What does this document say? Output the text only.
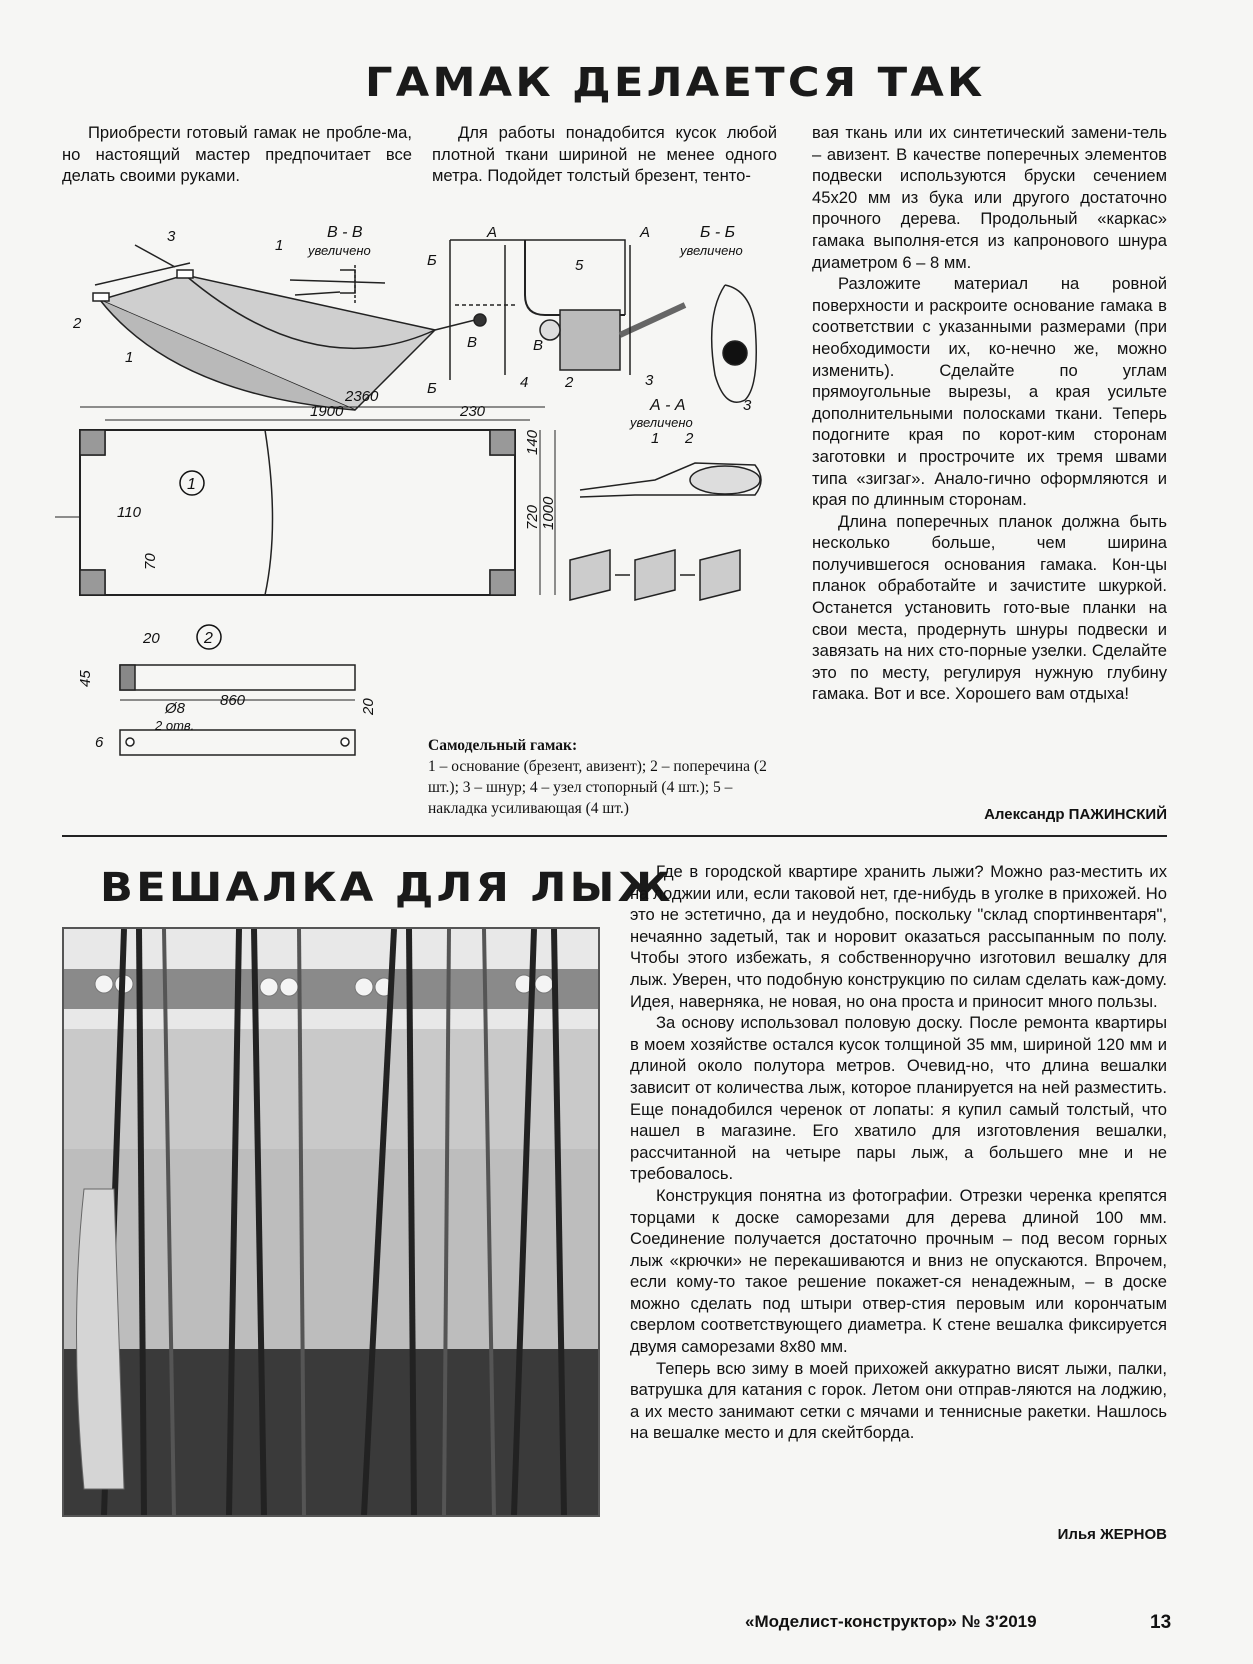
ГАМАК ДЕЛАЕТСЯ ТАК

Приобрести готовый гамак не пробле-ма, но настоящий мастер предпочитает все делать своими руками.

Для работы понадобится кусок любой плотной ткани шириной не менее одного метра. Подойдет толстый брезент, тенто-

вая ткань или их синтетический замени-тель – авизент. В качестве поперечных элементов подвески используются бруски сечением 45х20 мм из бука или другого достаточно прочного дерева. Продольный «каркас» гамака выполня-ется из капронового шнура диаметром 6 – 8 мм.

Разложите материал на ровной поверхности и раскроите основание гамака в соответствии с указанными размерами (при необходимости их, ко-нечно же, можно изменить). Сделайте по углам прямоугольные вырезы, а края усильте дополнительными полосками ткани. Теперь подогните края по корот-ким сторонам заготовки и прострочите их тремя швами типа «зигзаг». Анало-гично оформляются и края по длинным сторонам.

Длина поперечных планок должна быть несколько больше, чем ширина получившегося основания гамака. Кон-цы планок обработайте и зачистите шкуркой. Останется установить гото-вые планки на свои места, продернуть шнуры подвески и завязать на них сто-порные узелки. Сделайте это по месту, регулируя нужную глубину гамака. Вот и все. Хорошего вам отдыха!

Александр ПАЖИНСКИЙ
3
2
1
В - В
увеличено
1
А	А
Б
Б
В	В
5
4 2	3
Б - Б
увеличено
3
А - А
увеличено
1 2
2360
1900	230
140
720 1000
110
70
20
45
860
Ø8	20
6
2 отв.
1
2
Самодельный гамак:
1 – основание (брезент, авизент); 2 – поперечина (2 шт.); 3 – шнур; 4 – узел стопорный (4 шт.); 5 – накладка усиливающая (4 шт.)
ВЕШАЛКА ДЛЯ ЛЫЖ

Где в городской квартире хранить лыжи? Можно раз-местить их на лоджии или, если таковой нет, где-нибудь в уголке в прихожей. Но это не эстетично, да и неудобно, поскольку "склад спортинвентаря", нечаянно задетый, так и норовит оказаться рассыпанным по полу. Чтобы этого избежать, я собственноручно изготовил вешалку для лыж. Уверен, что подобную конструкцию по силам сделать каж-дому. Идея, наверняка, не новая, но она проста и приносит много пользы.

За основу использовал половую доску. После ремонта квартиры в моем хозяйстве остался кусок толщиной 35 мм, шириной 120 мм и длиной около полутора метров. Очевид-но, что длина вешалки зависит от количества лыж, которое планируется на ней разместить. Еще понадобился черенок от лопаты: я купил самый толстый, что нашел в магазине. Его хватило для изготовления вешалки, рассчитанной на четыре пары лыж, а большего мне и не требовалось.

Конструкция понятна из фотографии. Отрезки черенка крепятся торцами к доске саморезами для дерева длиной 100 мм. Соединение получается достаточно прочным – под весом горных лыж «крючки» не перекашиваются и вниз не опускаются. Впрочем, если кому-то такое решение покажет-ся ненадежным, – в доске можно сделать под штыри отвер-стия перовым или корончатым сверлом соответствующего диаметра. К стене вешалка фиксируется двумя саморезами 8х80 мм.

Теперь всю зиму в моей прихожей аккуратно висят лыжи, палки, ватрушка для катания с горок. Летом они отправ-ляются на лоджию, а их место занимают сетки с мячами и теннисные ракетки. Нашлось на вешалке место и для скейтборда.

Илья ЖЕРНОВ
«Моделист-конструктор» № 3'2019	13
